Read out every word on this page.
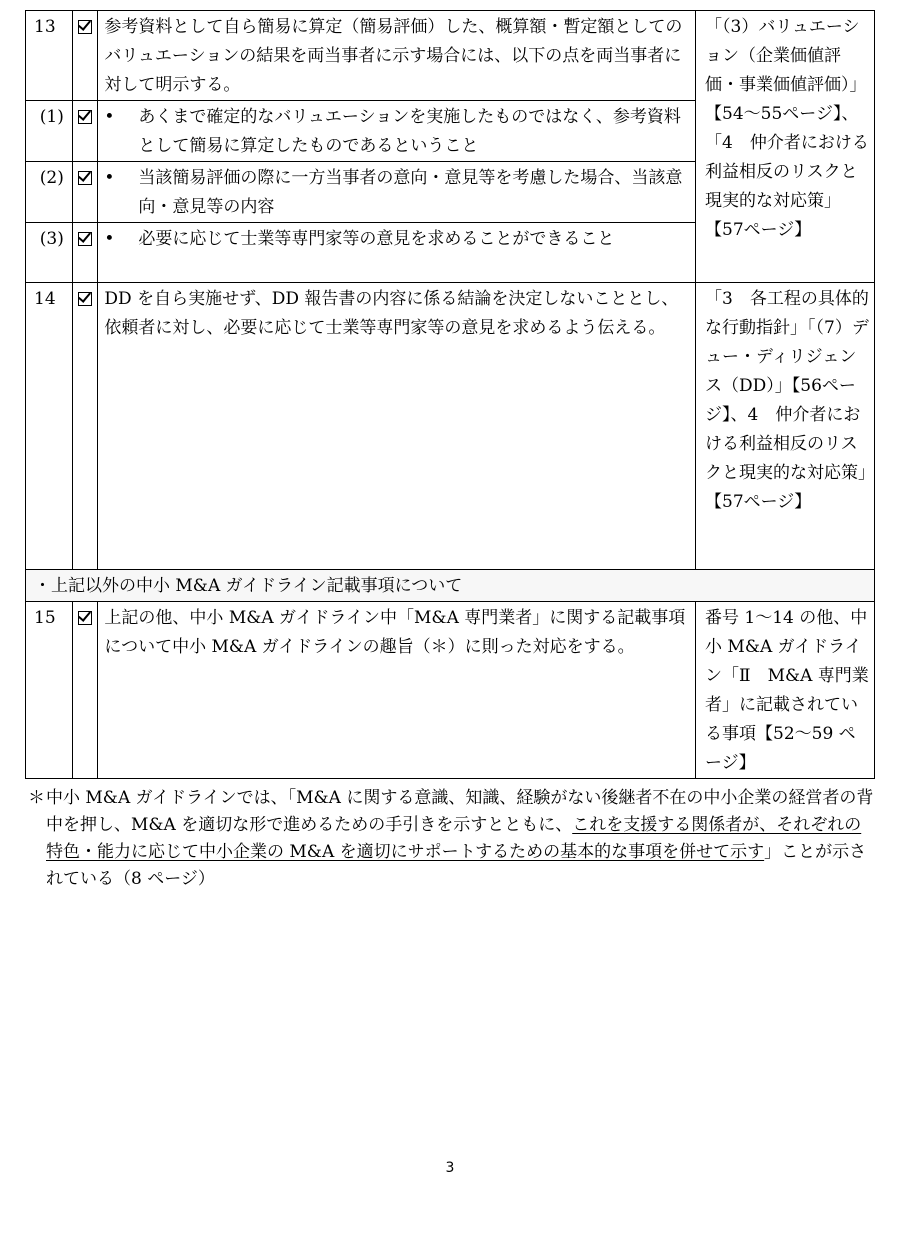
13		参考資料として自ら簡易に算定（簡易評価）した、概算額・暫定額としてのバリュエーションの結果を両当事者に示す場合には、以下の点を両当事者に対して明示する。	「（3）バリュエーション（企業価値評価・事業価値評価）」【54～55ページ】、「4　仲介者における利益相反のリスクと現実的な対応策」【57ページ】
(1)		• あくまで確定的なバリュエーションを実施したものではなく、参考資料として簡易に算定したものであるということ	

(2)		• 当該簡易評価の際に一方当事者の意向・意見等を考慮した場合、当該意向・意見等の内容	

(3)		• 必要に応じて士業等専門家等の意見を求めることができること	

14		DD を自ら実施せず、DD 報告書の内容に係る結論を決定しないこととし、依頼者に対し、必要に応じて士業等専門家等の意見を求めるよう伝える。	「3　各工程の具体的な行動指針」「（7）デュー・ディリジェンス（DD）」【56ページ】、4　仲介者における利益相反のリスクと現実的な対応策」【57ページ】
・上記以外の中小 M&A ガイドライン記載事項について			
15		上記の他、中小 M&A ガイドライン中「M&A 専門業者」に関する記載事項について中小 M&A ガイドラインの趣旨（＊）に則った対応をする。	番号 1～14 の他、中小 M&A ガイドライン「Ⅱ　M&A 専門業者」に記載されている事項【52～59 ページ】
＊ 中小 M&A ガイドラインでは、「M&A に関する意識、知識、経験がない後継者不在の中小企業の経営者の背中を押し、M&A を適切な形で進めるための手引きを示すとともに、これを支援する関係者が、それぞれの特色・能力に応じて中小企業の M&A を適切にサポートするための基本的な事項を併せて示す」ことが示されている（8 ページ）
3
